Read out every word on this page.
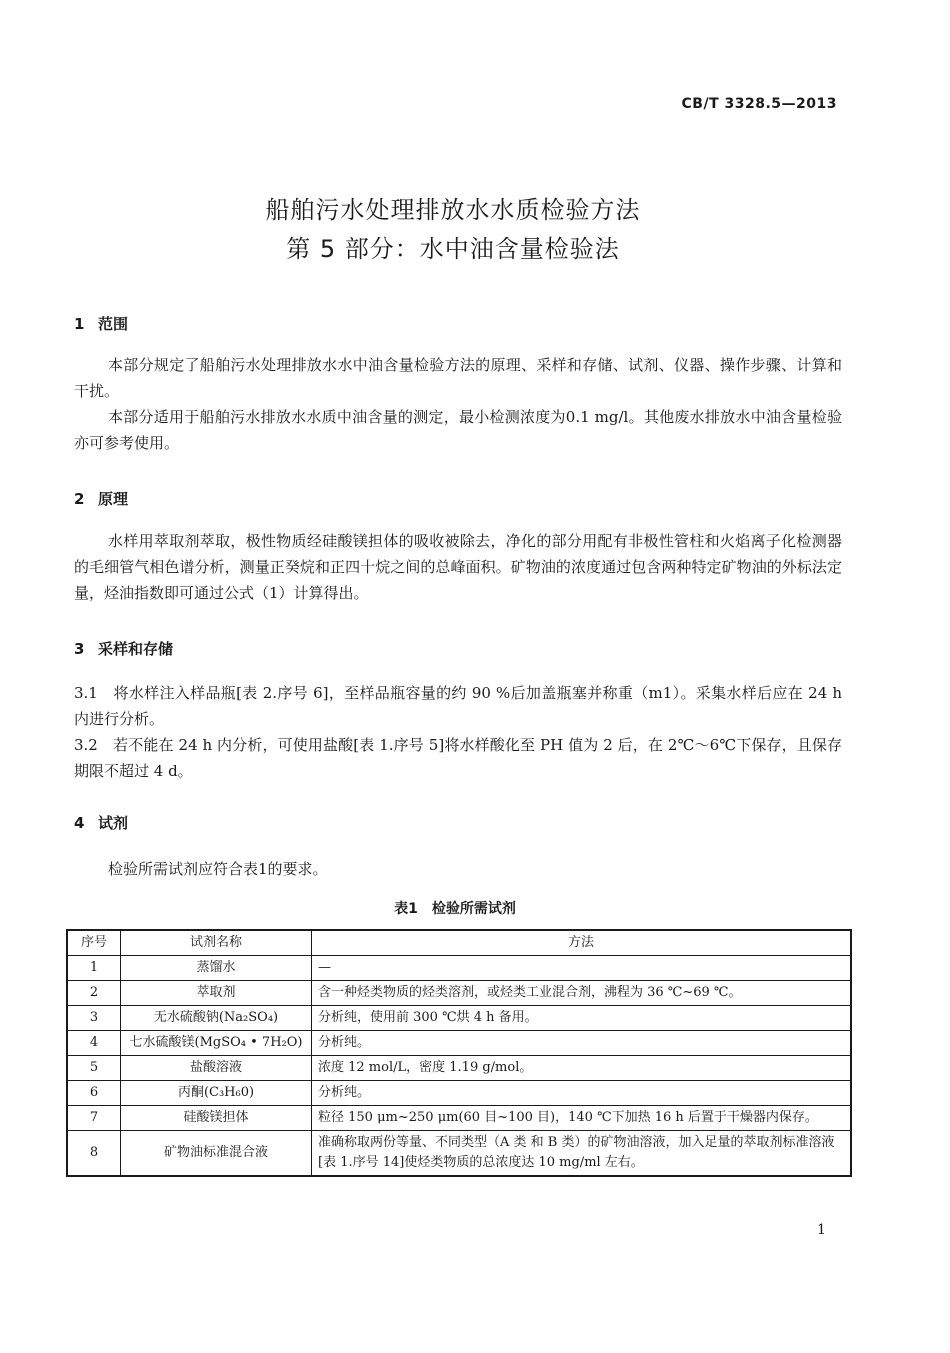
CB/T 3328.5—2013
船舶污水处理排放水水质检验方法
第 5 部分：水中油含量检验法
1 范围
本部分规定了船舶污水处理排放水水中油含量检验方法的原理、采样和存储、试剂、仪器、操作步骤、计算和干扰。
本部分适用于船舶污水排放水水质中油含量的测定，最小检测浓度为0.1 mg/l。其他废水排放水中油含量检验亦可参考使用。
2 原理
水样用萃取剂萃取，极性物质经硅酸镁担体的吸收被除去，净化的部分用配有非极性管柱和火焰离子化检测器的毛细管气相色谱分析，测量正癸烷和正四十烷之间的总峰面积。矿物油的浓度通过包含两种特定矿物油的外标法定量，烃油指数即可通过公式（1）计算得出。
3 采样和存储
3.1　将水样注入样品瓶[表 2.序号 6]，至样品瓶容量的约 90 %后加盖瓶塞并称重（m1）。采集水样后应在 24 h 内进行分析。
3.2　若不能在 24 h 内分析，可使用盐酸[表 1.序号 5]将水样酸化至 PH 值为 2 后，在 2℃～6℃下保存，且保存期限不超过 4 d。
4 试剂
检验所需试剂应符合表1的要求。
表1　检验所需试剂
序号	试剂名称	方法
1	蒸馏水	—
2	萃取剂	含一种烃类物质的烃类溶剂，或烃类工业混合剂，沸程为 36 ℃~69 ℃。
3	无水硫酸钠(Na₂SO₄)	分析纯，使用前 300 ℃烘 4 h 备用。
4	七水硫酸镁(MgSO₄ • 7H₂O)	分析纯。
5	盐酸溶液	浓度 12 mol/L，密度 1.19 g/mol。
6	丙酮(C₃H₆0)	分析纯。
7	硅酸镁担体	粒径 150 μm~250 μm(60 目~100 目)，140 ℃下加热 16 h 后置于干燥器内保存。
8	矿物油标准混合液	准确称取两份等量、不同类型（A 类 和 B 类）的矿物油溶液，加入足量的萃取剂标准溶液[表 1.序号 14]使烃类物质的总浓度达 10 mg/ml 左右。
1
